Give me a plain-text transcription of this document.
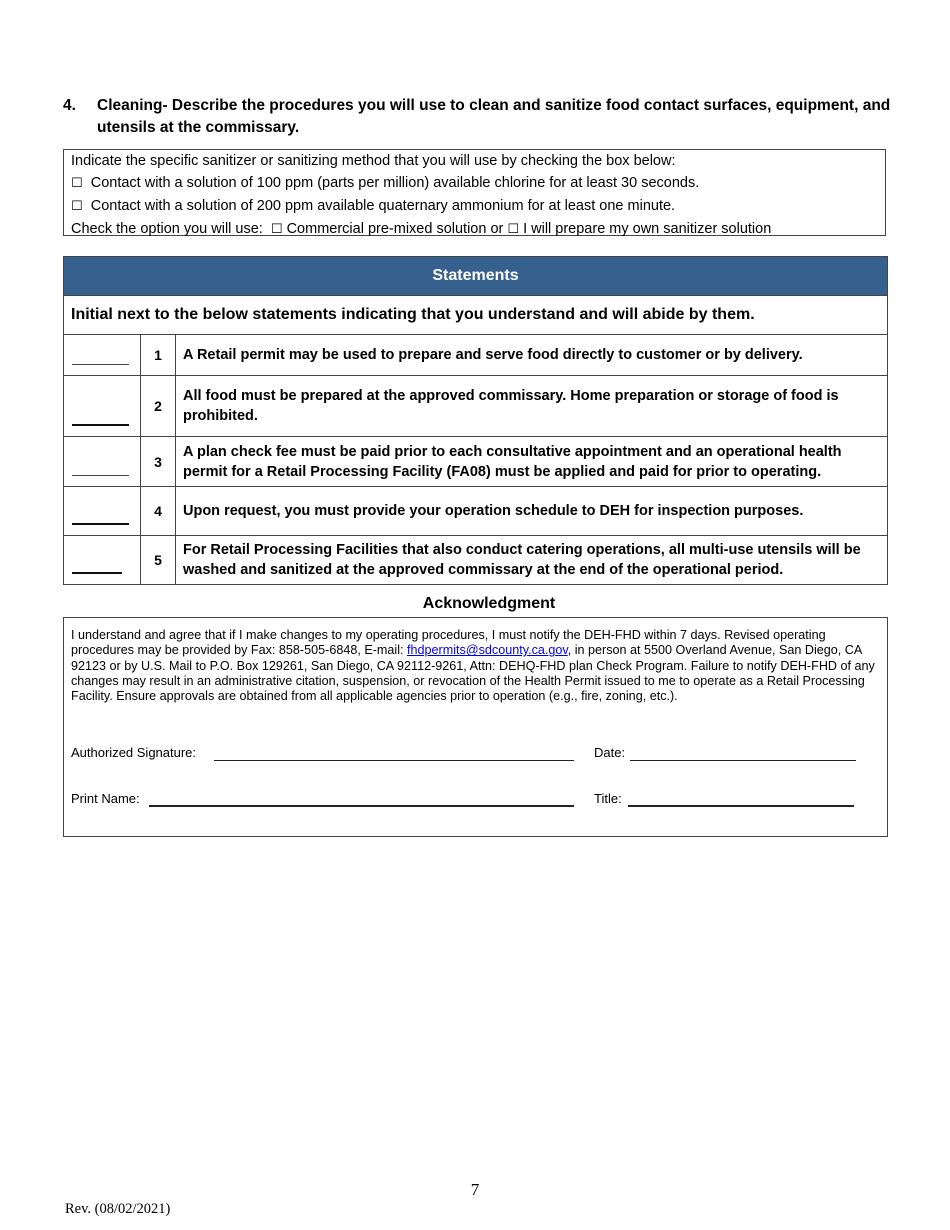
4. Cleaning- Describe the procedures you will use to clean and sanitize food contact surfaces, equipment, and utensils at the commissary.
Indicate the specific sanitizer or sanitizing method that you will use by checking the box below:
☐ Contact with a solution of 100 ppm (parts per million) available chlorine for at least 30 seconds.
☐ Contact with a solution of 200 ppm available quaternary ammonium for at least one minute.
Check the option you will use: ☐ Commercial pre-mixed solution or ☐ I will prepare my own sanitizer solution
Statements		
Initial next to the below statements indicating that you understand and will abide by them.		

	1	A Retail permit may be used to prepare and serve food directly to customer or by delivery.

	2	All food must be prepared at the approved commissary. Home preparation or storage of food is prohibited.

	3	A plan check fee must be paid prior to each consultative appointment and an operational health permit for a Retail Processing Facility (FA08) must be applied and paid for prior to operating.

	4	Upon request, you must provide your operation schedule to DEH for inspection purposes.

	5	For Retail Processing Facilities that also conduct catering operations, all multi-use utensils will be washed and sanitized at the approved commissary at the end of the operational period.
Acknowledgment
I understand and agree that if I make changes to my operating procedures, I must notify the DEH-FHD within 7 days. Revised operating procedures may be provided by Fax: 858-505-6848, E-mail: fhdpermits@sdcounty.ca.gov, in person at 5500 Overland Avenue, San Diego, CA 92123 or by U.S. Mail to P.O. Box 129261, San Diego, CA 92112-9261, Attn: DEHQ-FHD plan Check Program. Failure to notify DEH-FHD of any changes may result in an administrative citation, suspension, or revocation of the Health Permit issued to me to operate as a Retail Processing Facility. Ensure approvals are obtained from all applicable agencies prior to operation (e.g., fire, zoning, etc.).
Authorized Signature:	Date:
Print Name:	Title:
7
Rev. (08/02/2021)
